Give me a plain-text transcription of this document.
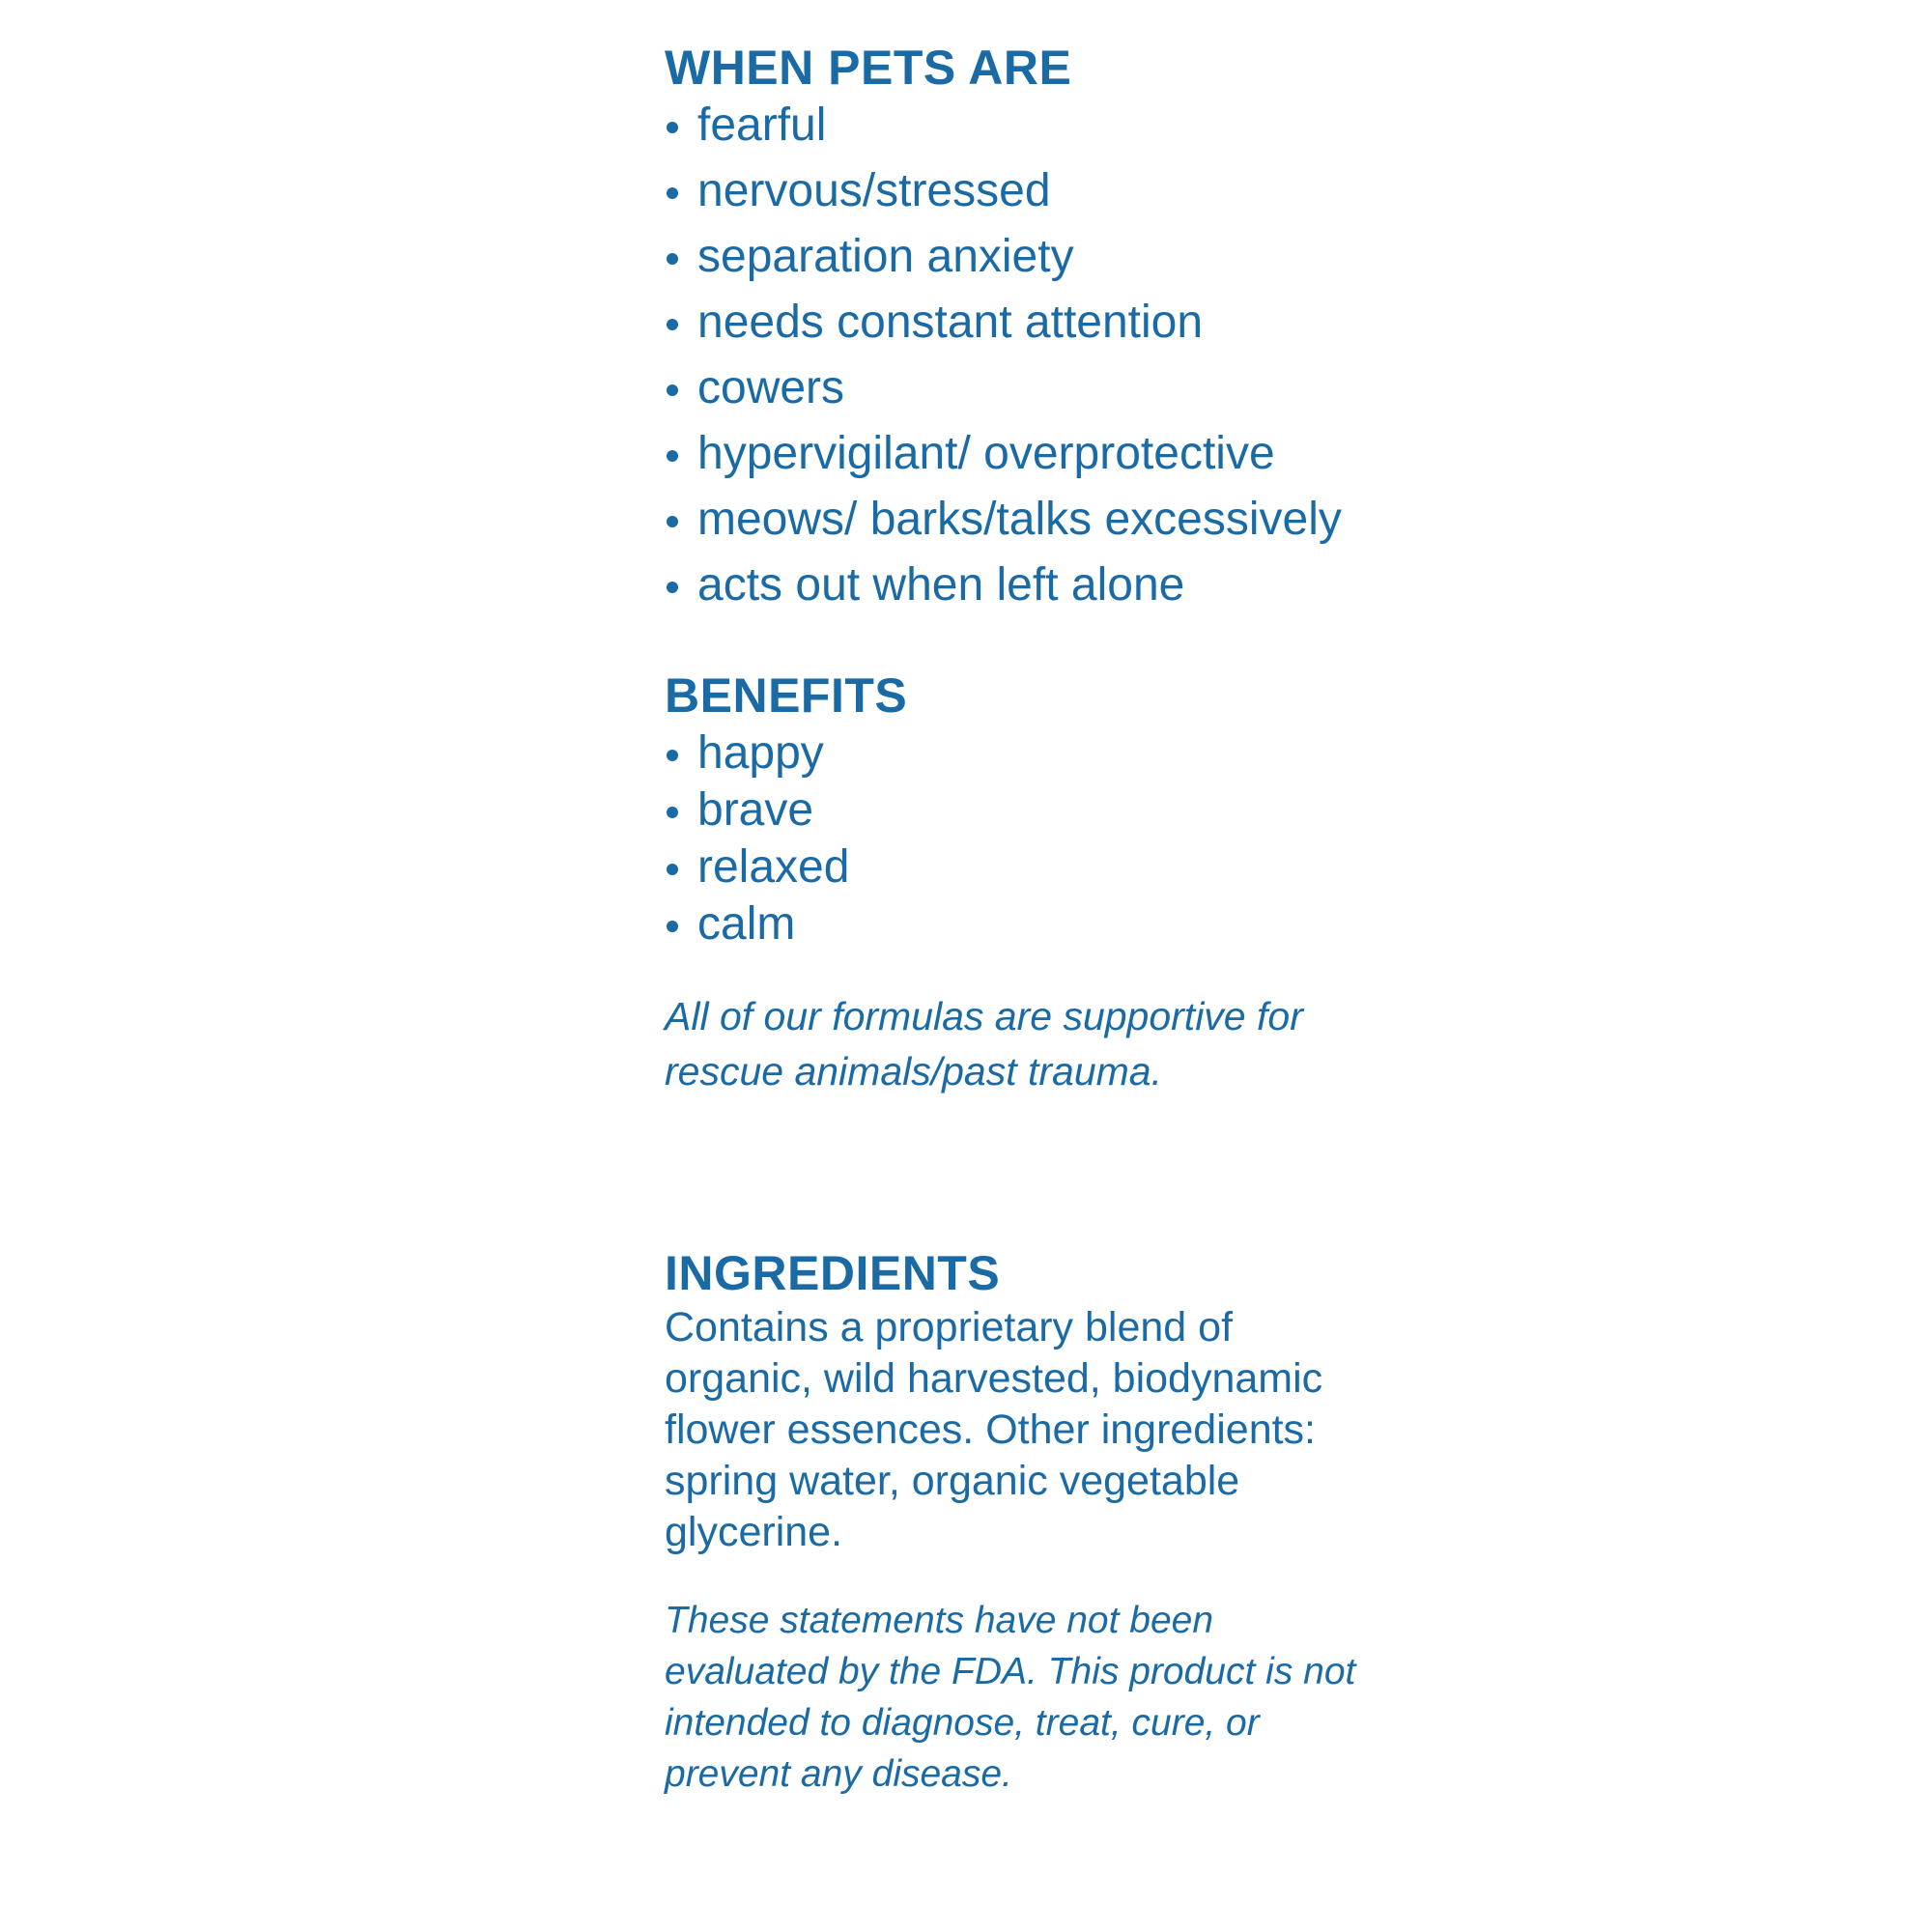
WHEN PETS ARE
fearful
nervous/stressed
separation anxiety
needs constant attention
cowers
hypervigilant/ overprotective
meows/ barks/talks excessively
acts out when left alone
BENEFITS
happy
brave
relaxed
calm

All of our formulas are supportive for rescue animals/past trauma.

INGREDIENTS

Contains a proprietary blend of organic, wild harvested, biodynamic flower essences. Other ingredients: spring water, organic vegetable glycerine.

These statements have not been evaluated by the FDA. This product is not intended to diagnose, treat, cure, or prevent any disease.
